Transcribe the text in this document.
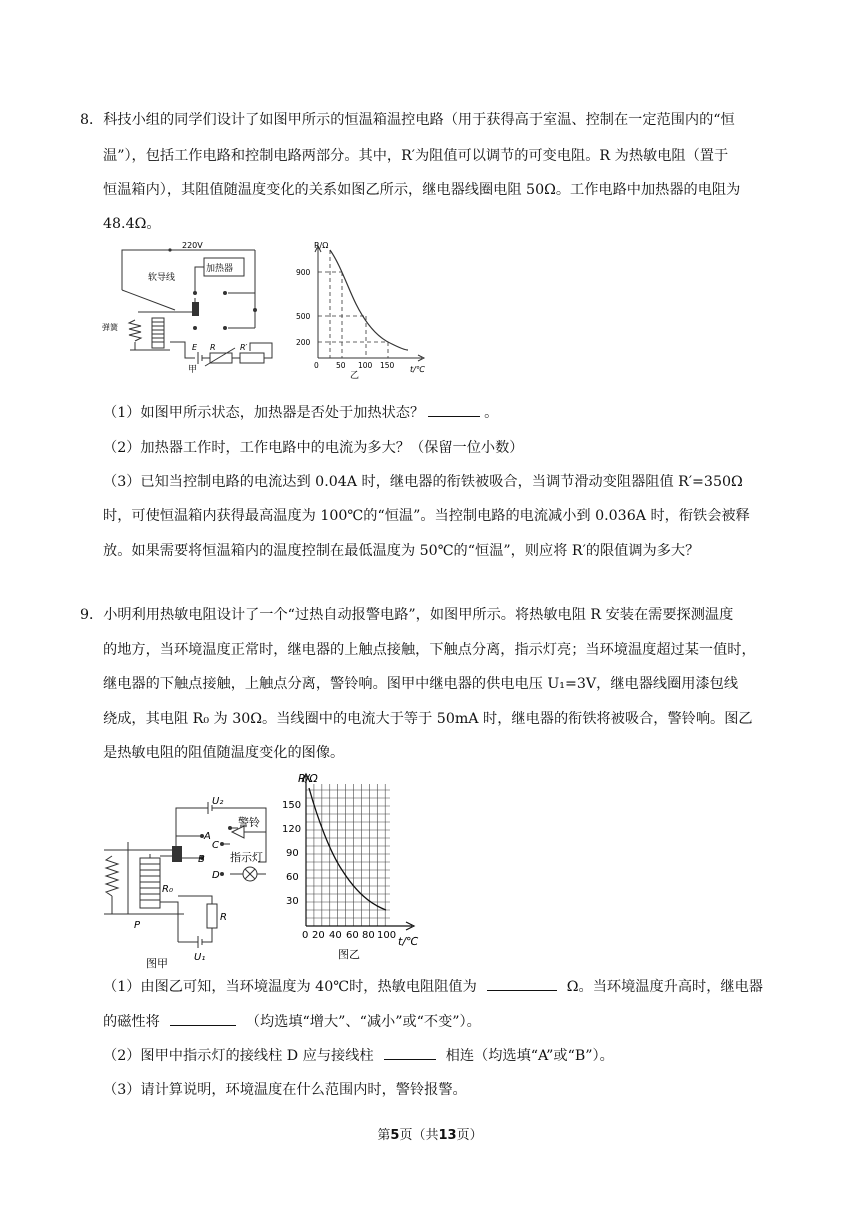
8．科技小组的同学们设计了如图甲所示的恒温箱温控电路（用于获得高于室温、控制在一定范围内的“恒
温”），包括工作电路和控制电路两部分。其中，R′为阻值可以调节的可变电阻。R 为热敏电阻（置于
恒温箱内），其阻值随温度变化的关系如图乙所示，继电器线圈电阻 50Ω。工作电路中加热器的电阻为
48.4Ω。
220V
软导线
加热器
弹簧
E R	R′
甲
R/Ω
t/℃
900
500
200
0 50 100 150
乙
（1）如图甲所示状态，加热器是否处于加热状态？	。
（2）加热器工作时，工作电路中的电流为多大？（保留一位小数）
（3）已知当控制电路的电流达到 0.04A 时，继电器的衔铁被吸合，当调节滑动变阻器阻值 R′=350Ω
时，可使恒温箱内获得最高温度为 100℃的“恒温”。当控制电路的电流减小到 0.036A 时，衔铁会被释
放。如果需要将恒温箱内的温度控制在最低温度为 50℃的“恒温”，则应将 R′的限值调为多大？
9．小明利用热敏电阻设计了一个“过热自动报警电路”，如图甲所示。将热敏电阻 R 安装在需要探测温度
的地方，当环境温度正常时，继电器的上触点接触，下触点分离，指示灯亮；当环境温度超过某一值时，
继电器的下触点接触，上触点分离，警铃响。图甲中继电器的供电电压 U₁=3V，继电器线圈用漆包线
绕成，其电阻 R₀ 为 30Ω。当线圈中的电流大于等于 50mA 时，继电器的衔铁将被吸合，警铃响。图乙
是热敏电阻的阻值随温度变化的图像。
U₂
A
B
C
D
警铃
指示灯
R₀
R
P
U₁
图甲
R/Ω
t/℃
150
120
90
60
30
0 20 40 60 80 100
图乙
（1）由图乙可知，当环境温度为 40℃时，热敏电阻阻值为	Ω。当环境温度升高时，继电器
的磁性将	（均选填“增大”、“减小”或“不变”）。
（2）图甲中指示灯的接线柱 D 应与接线柱	相连（均选填“A”或“B”）。
（3）请计算说明，环境温度在什么范围内时，警铃报警。
第5页（共13页）
